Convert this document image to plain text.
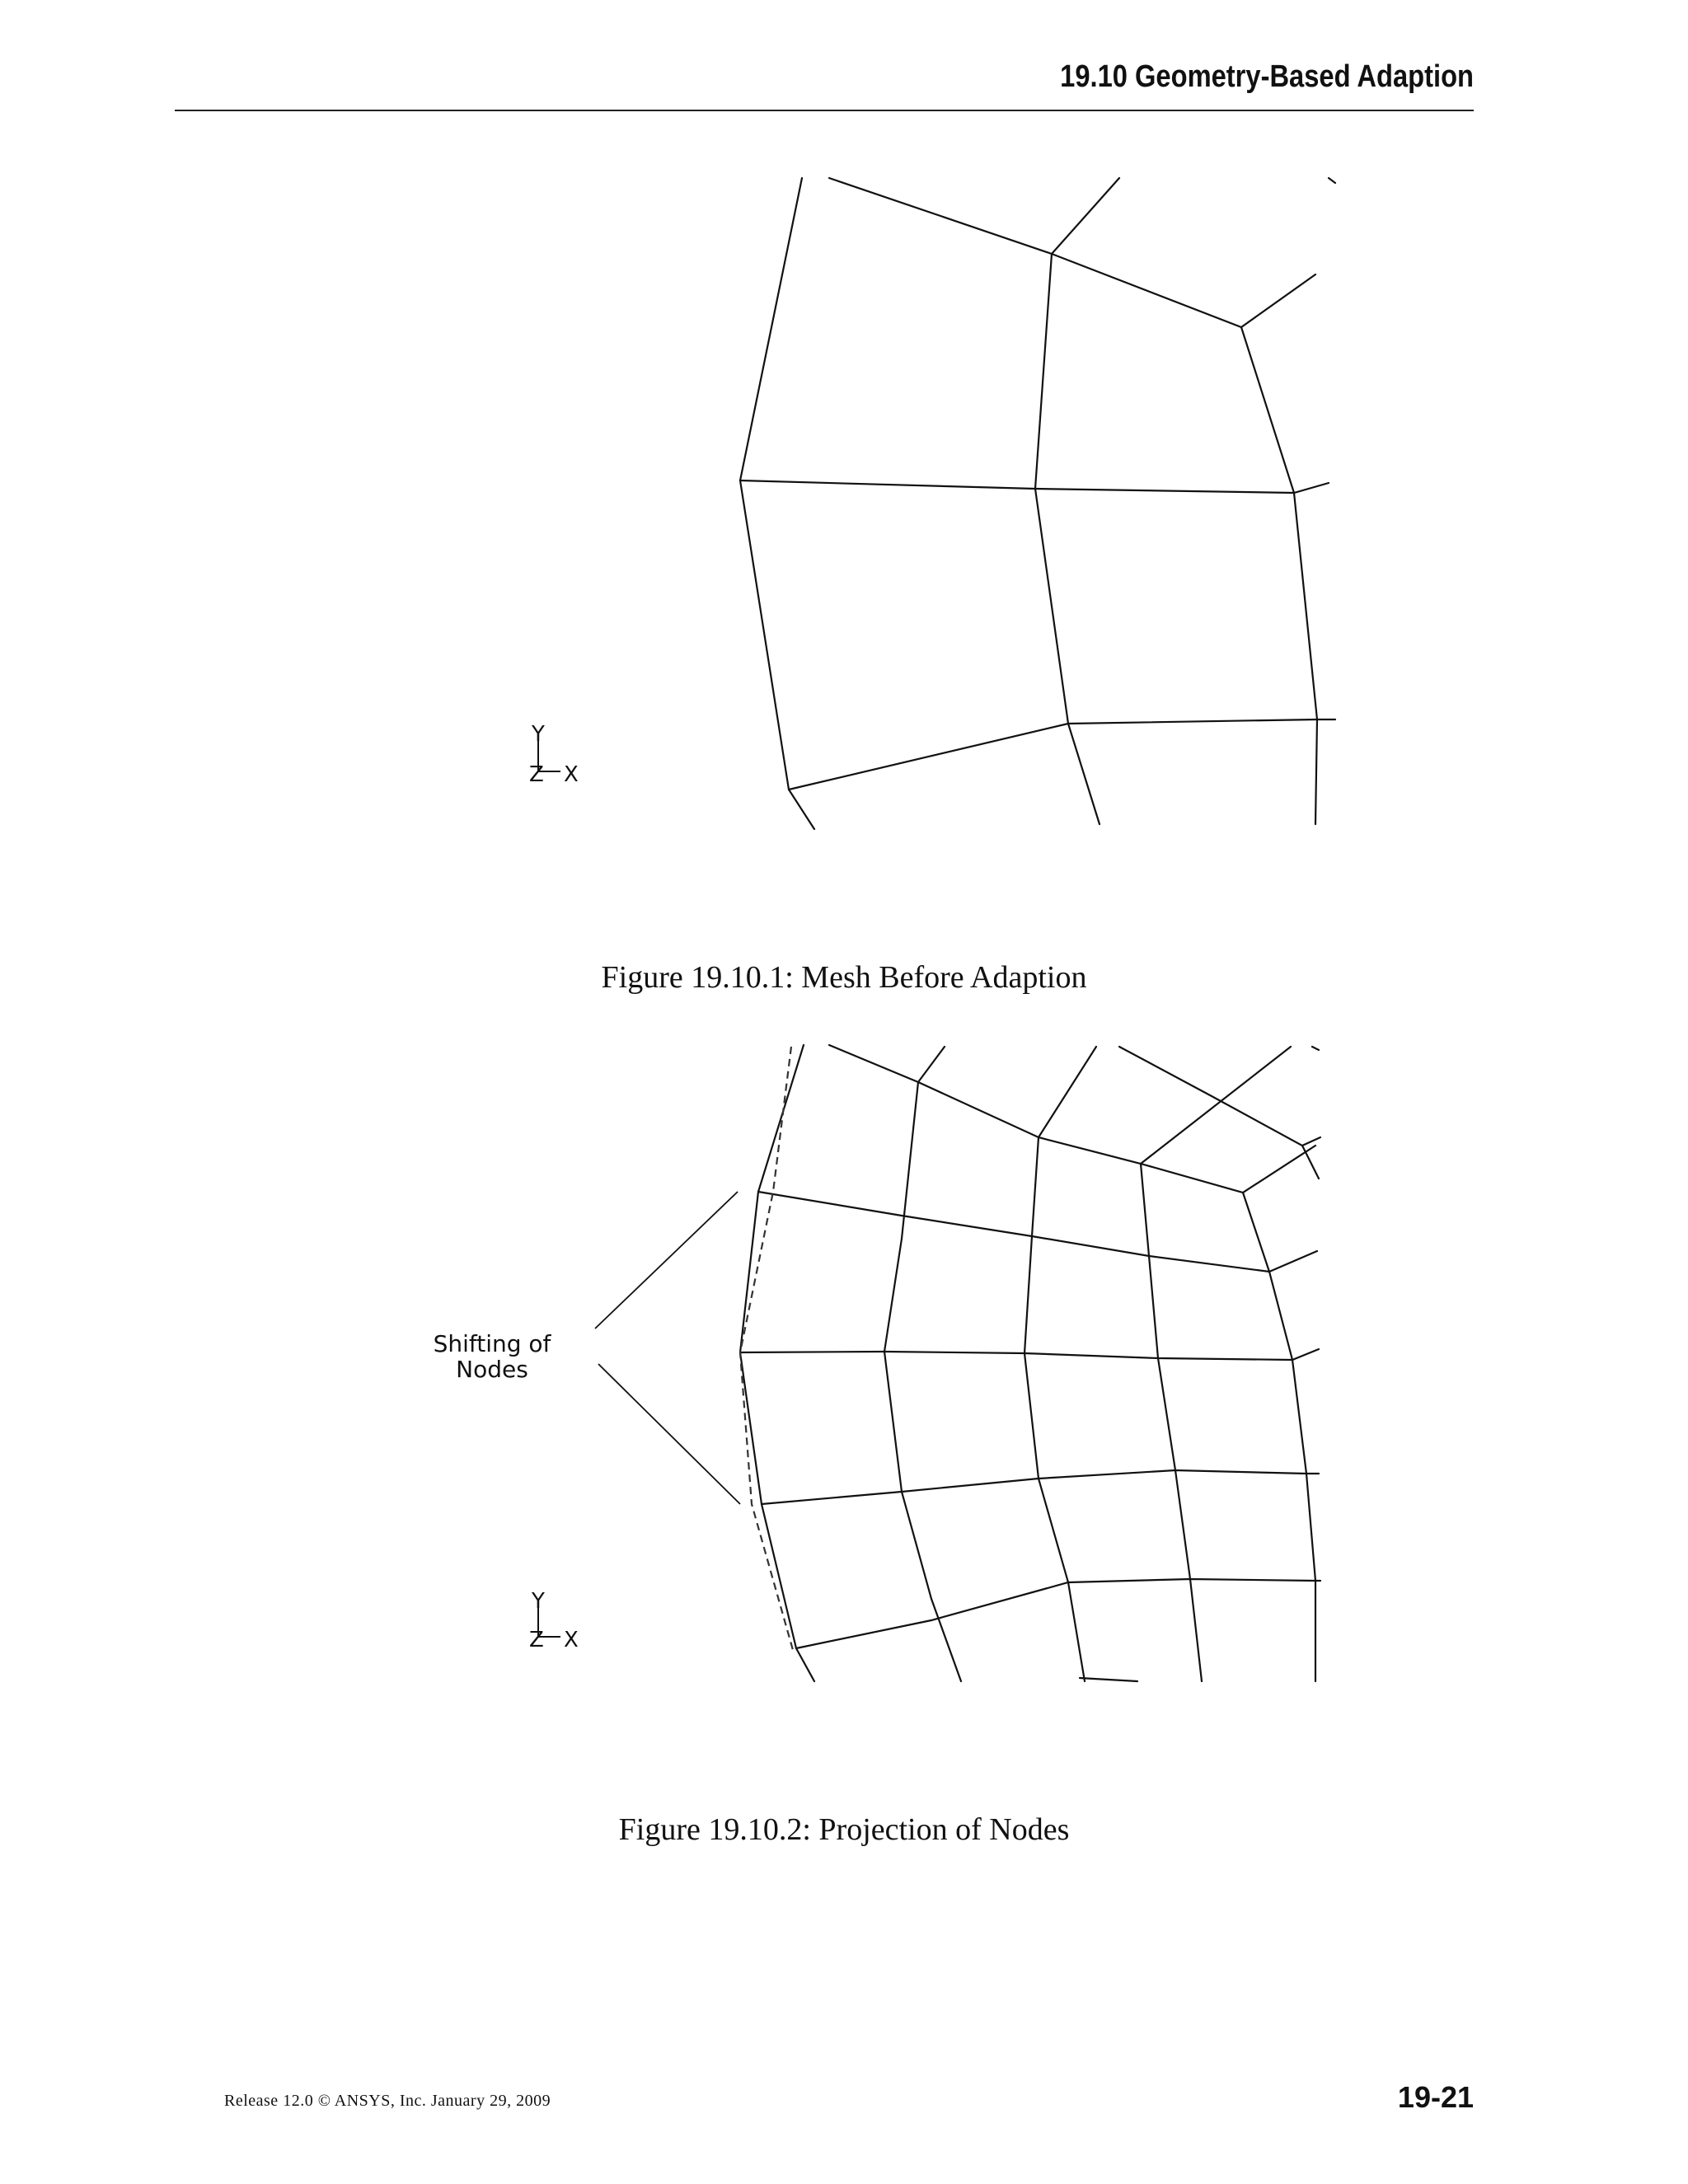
19.10 Geometry-Based Adaption
Y
Z X
Figure 19.10.1: Mesh Before Adaption
Shifting of
Nodes
Y
Z X
Figure 19.10.2: Projection of Nodes
Release 12.0 © ANSYS, Inc. January 29, 2009	19-21
